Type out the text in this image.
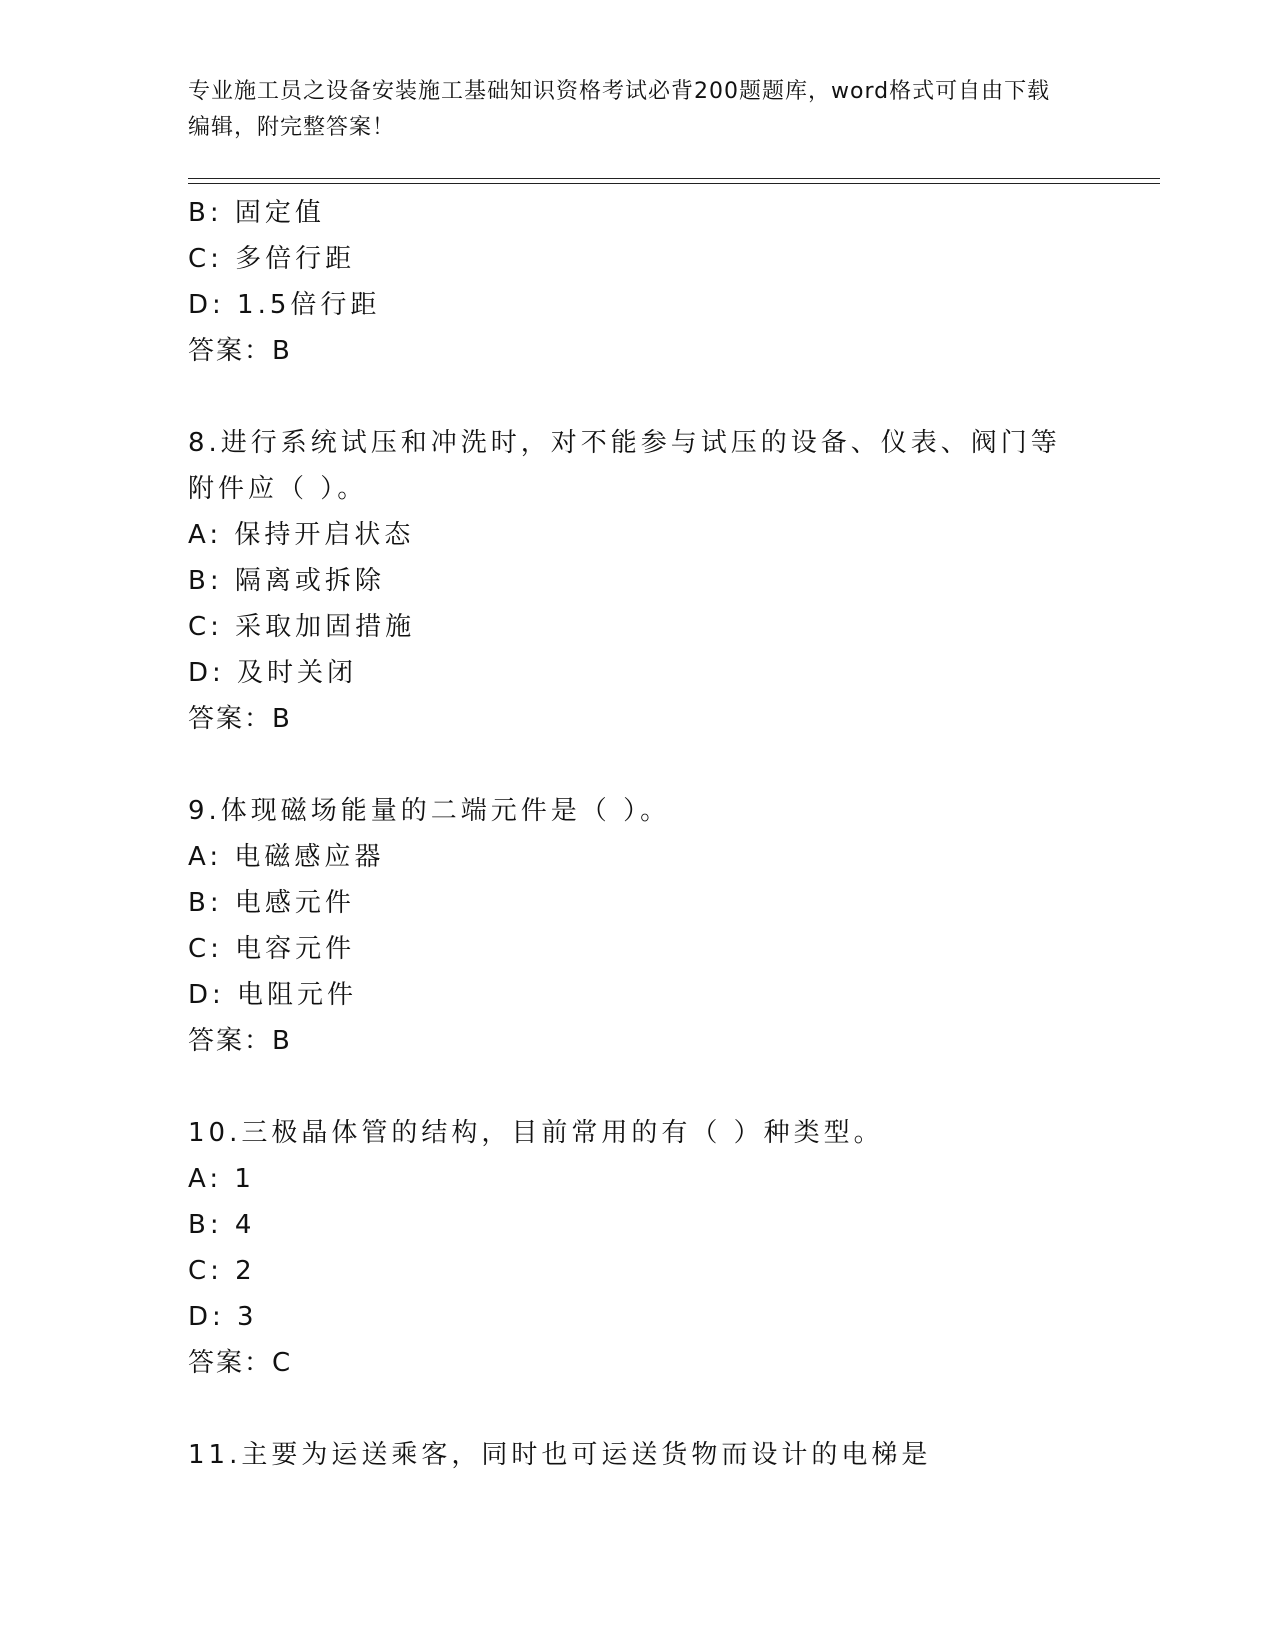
专业施工员之设备安装施工基础知识资格考试必背200题题库，word格式可自由下载编辑，附完整答案！
B: 固定值
C: 多倍行距
D: 1.5倍行距
答案：B
8.进行系统试压和冲洗时，对不能参与试压的设备、仪表、阀门等附件应（ ）。
A: 保持开启状态
B: 隔离或拆除
C: 采取加固措施
D: 及时关闭
答案：B
9.体现磁场能量的二端元件是（ ）。
A: 电磁感应器
B: 电感元件
C: 电容元件
D: 电阻元件
答案：B
10.三极晶体管的结构，目前常用的有（ ）种类型。
A: 1
B: 4
C: 2
D: 3
答案：C
11.主要为运送乘客，同时也可运送货物而设计的电梯是
